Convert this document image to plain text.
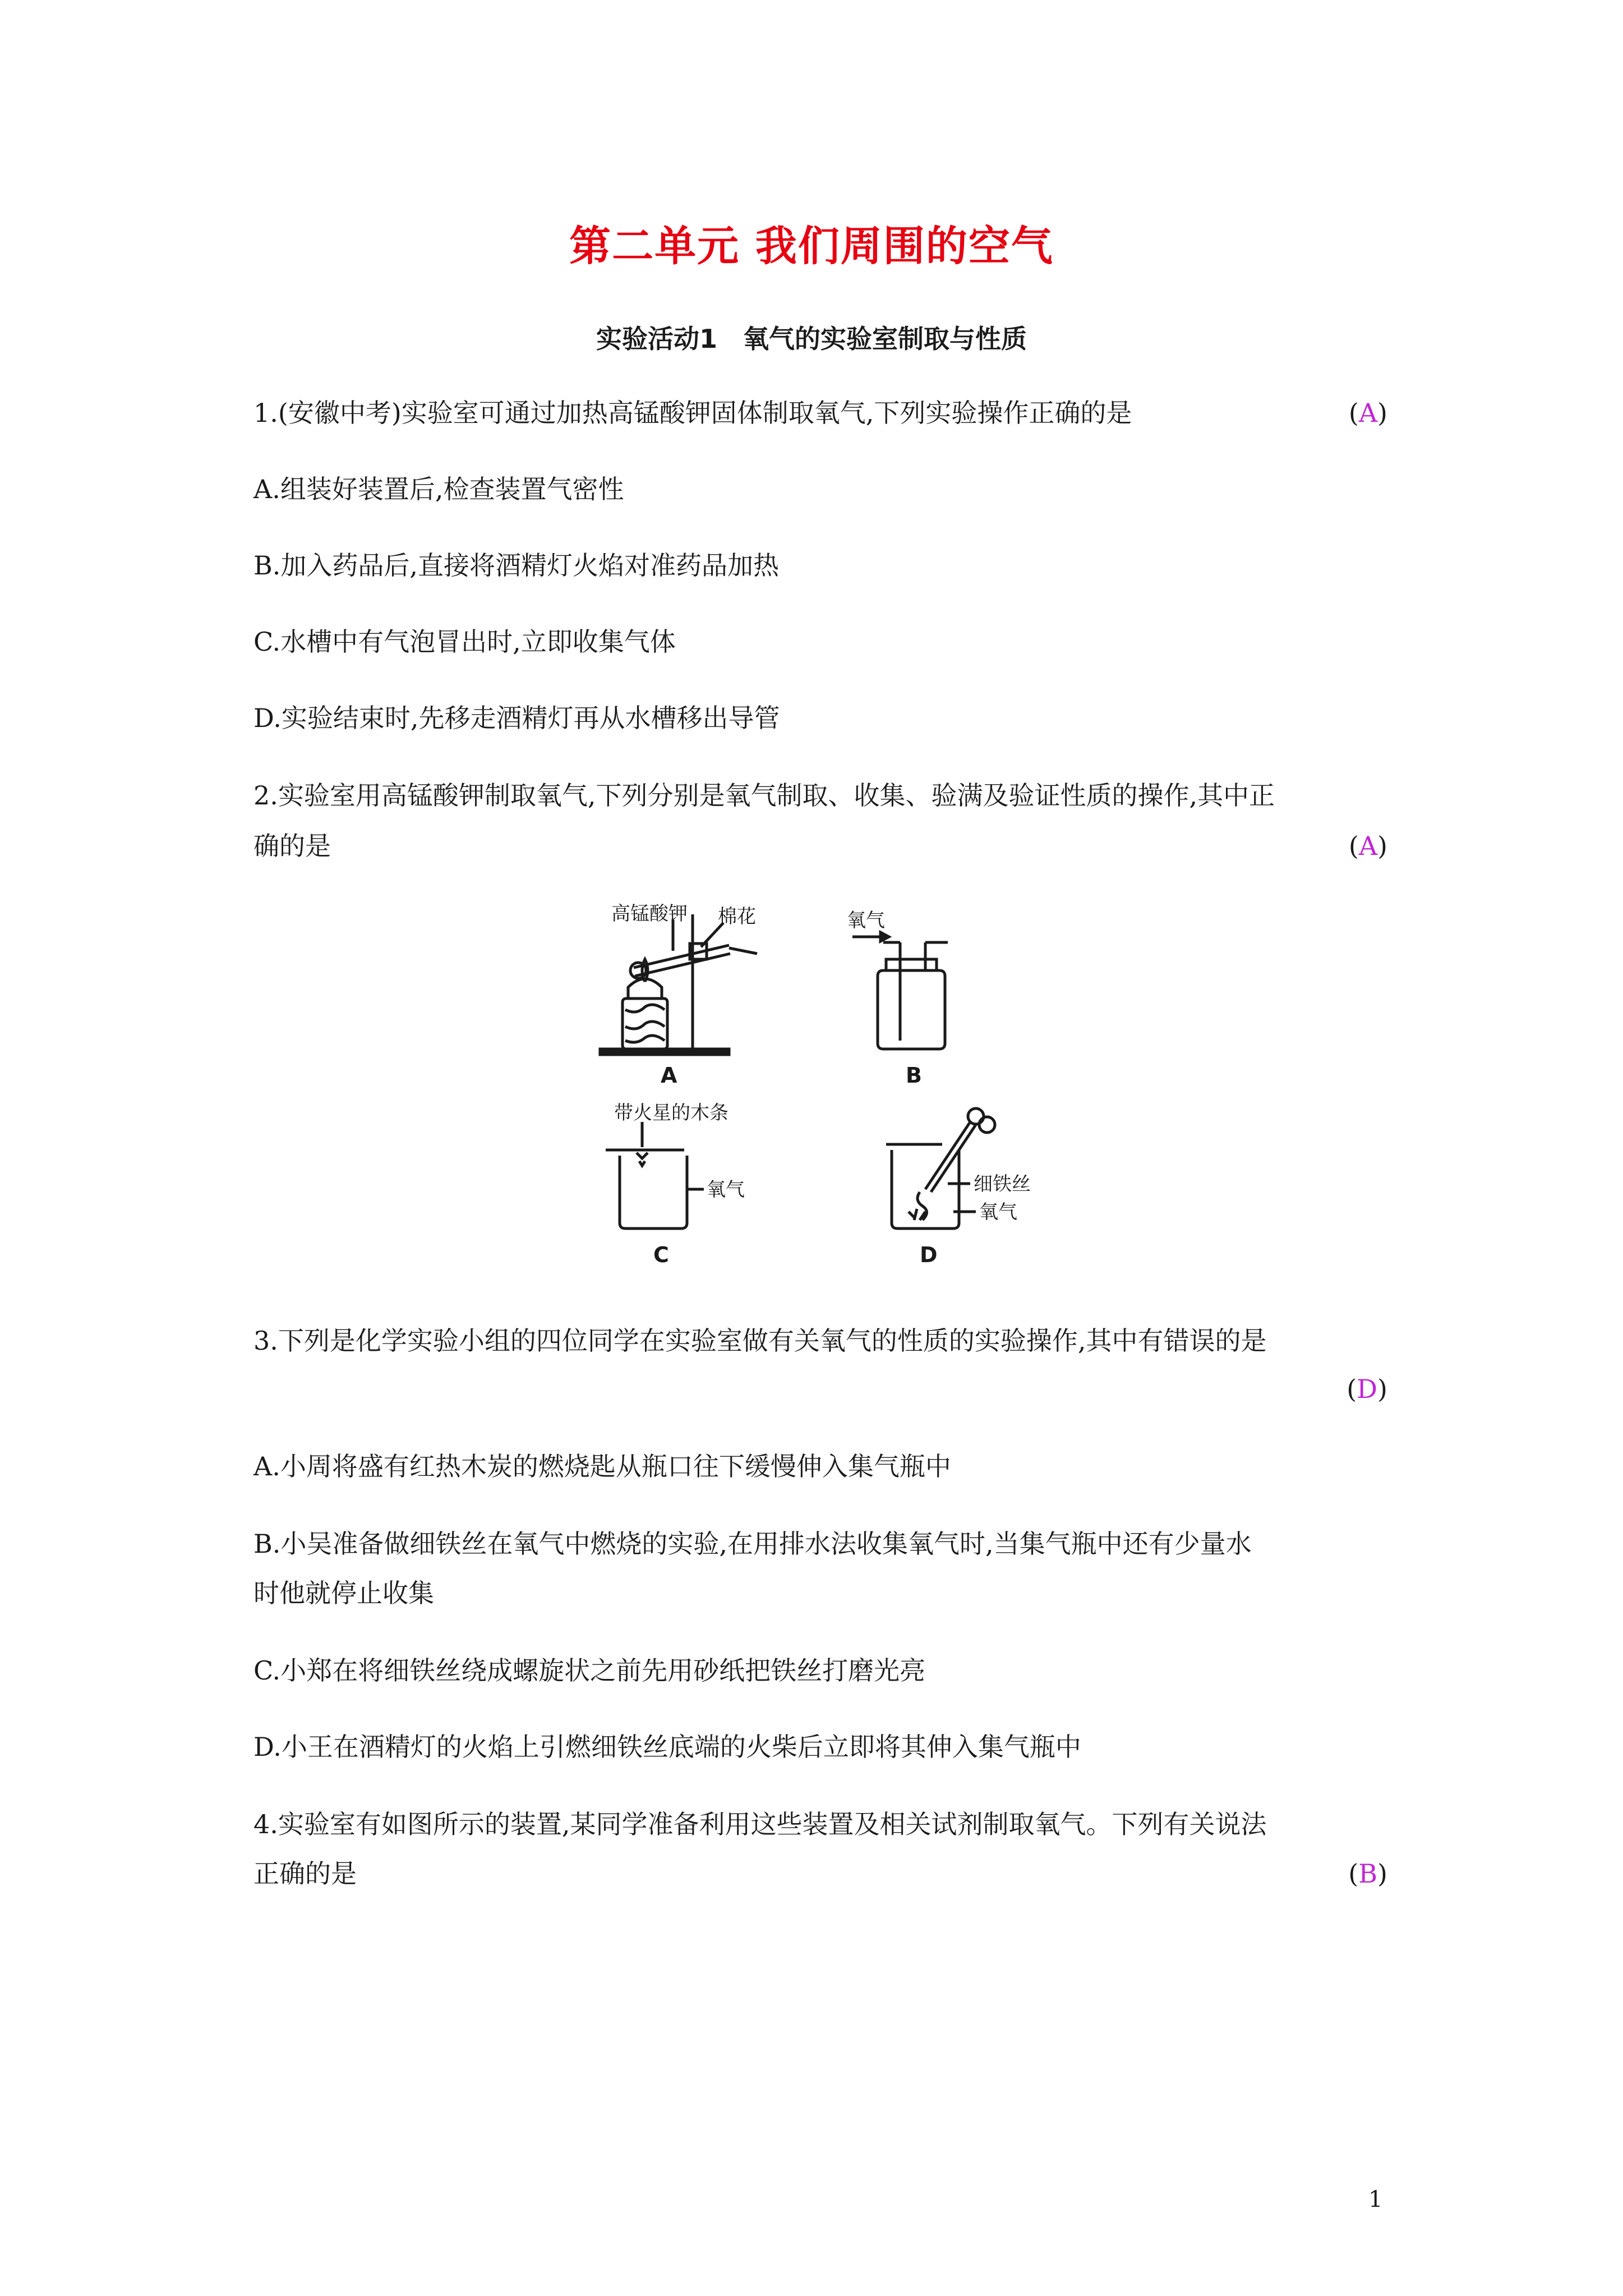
第二单元 我们周围的空气
实验活动1　氧气的实验室制取与性质
1.(安徽中考)实验室可通过加热高锰酸钾固体制取氧气,下列实验操作正确的是	(A)
A.组装好装置后,检查装置气密性
B.加入药品后,直接将酒精灯火焰对准药品加热
C.水槽中有气泡冒出时,立即收集气体
D.实验结束时,先移走酒精灯再从水槽移出导管
2.实验室用高锰酸钾制取氧气,下列分别是氧气制取、收集、验满及验证性质的操作,其中正
确的是	(A)
高锰酸钾 棉花	氧气
带火星的木条
氧气	细铁丝
氧气
A	B
C	D
3.下列是化学实验小组的四位同学在实验室做有关氧气的性质的实验操作,其中有错误的是
(D)
A.小周将盛有红热木炭的燃烧匙从瓶口往下缓慢伸入集气瓶中
B.小吴准备做细铁丝在氧气中燃烧的实验,在用排水法收集氧气时,当集气瓶中还有少量水
时他就停止收集
C.小郑在将细铁丝绕成螺旋状之前先用砂纸把铁丝打磨光亮
D.小王在酒精灯的火焰上引燃细铁丝底端的火柴后立即将其伸入集气瓶中
4.实验室有如图所示的装置,某同学准备利用这些装置及相关试剂制取氧气。下列有关说法
正确的是	(B)
1
